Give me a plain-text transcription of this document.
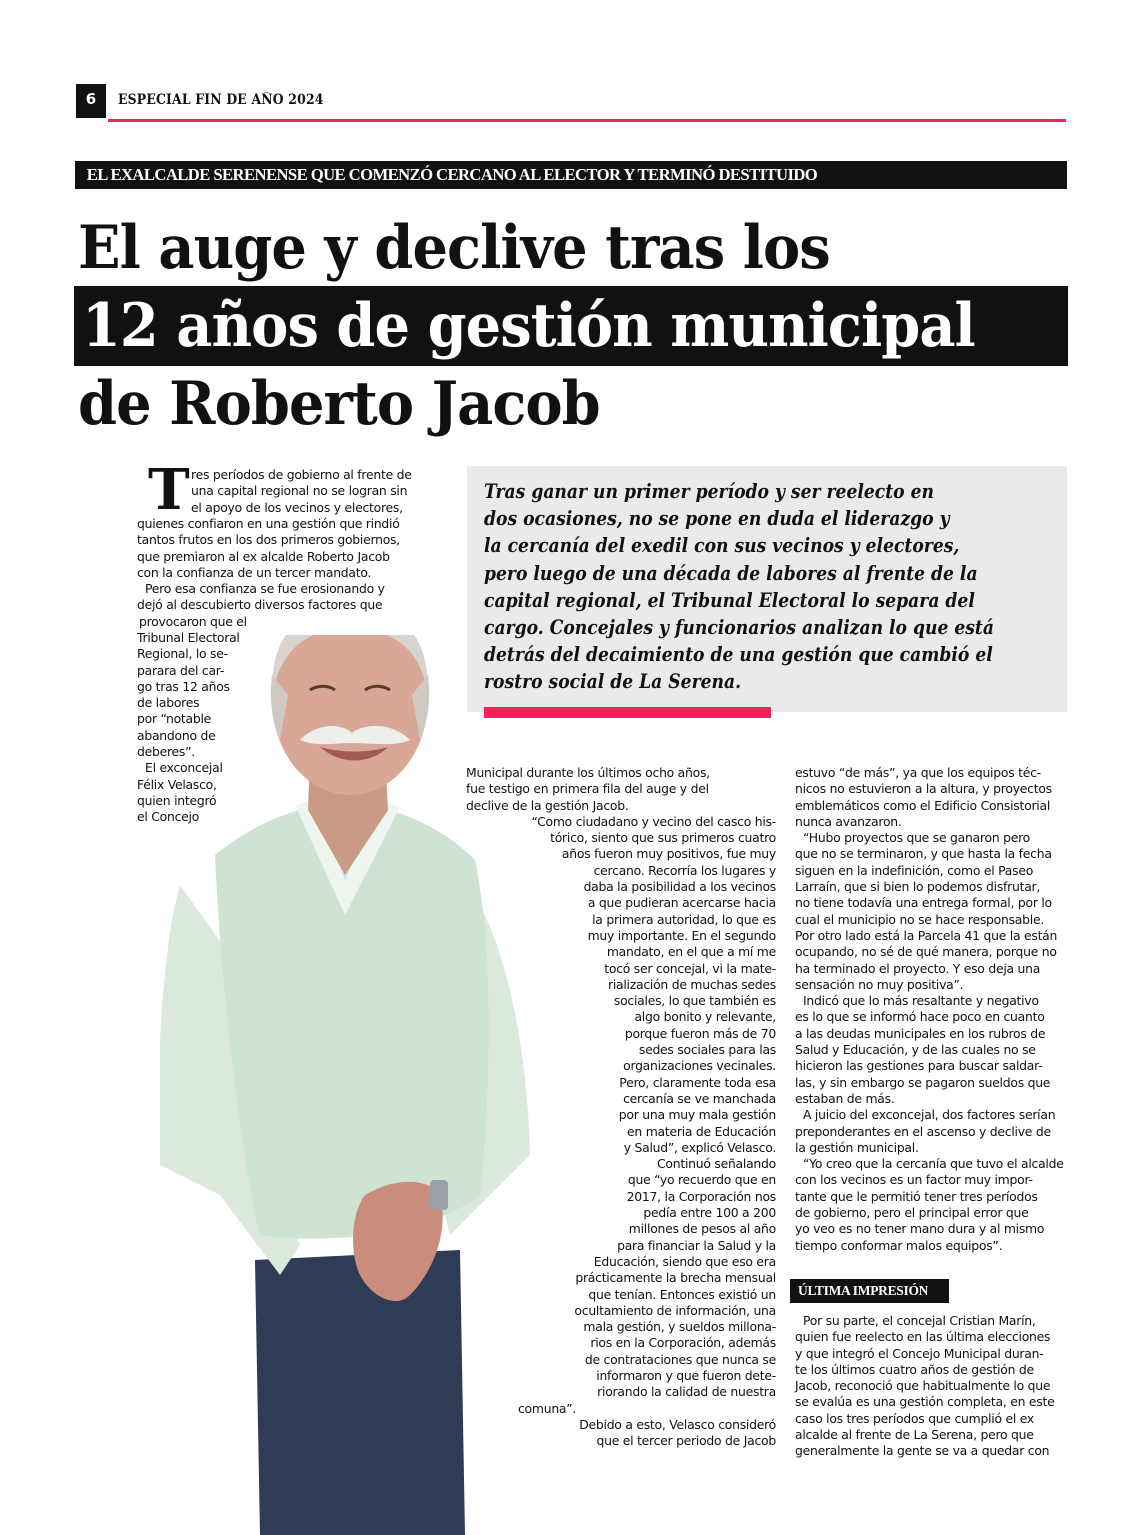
6	ESPECIAL FIN DE AÑO 2024
EL EXALCALDE SERENENSE QUE COMENZÓ CERCANO AL ELECTOR Y TERMINÓ DESTITUIDO
El auge y declive tras los
12 años de gestión municipal
de Roberto Jacob
Tras ganar un primer período y ser reelecto en
dos ocasiones, no se pone en duda el liderazgo y
la cercanía del exedil con sus vecinos y electores,
pero luego de una década de labores al frente de la
capital regional, el Tribunal Electoral lo separa del
cargo. Concejales y funcionarios analizan lo que está
detrás del decaimiento de una gestión que cambió el
rostro social de La Serena.
T res períodos de gobierno al frente de
una capital regional no se logran sin
el apoyo de los vecinos y electores,
quienes confiaron en una gestión que rindió
tantos frutos en los dos primeros gobiernos,
que premiaron al ex alcalde Roberto Jacob
con la confianza de un tercer mandato.
Pero esa confianza se fue erosionando y
dejó al descubierto diversos factores que
provocaron que el
Tribunal Electoral
Regional, lo se-
parara del car-
go tras 12 años
de labores
por “notable
abandono de
deberes”.
El exconcejal
Félix Velasco,
quien integró
el Concejo
Municipal durante los últimos ocho años,
fue testigo en primera fila del auge y del
declive de la gestión Jacob.
“Como ciudadano y vecino del casco his-
tórico, siento que sus primeros cuatro
años fueron muy positivos, fue muy
cercano. Recorría los lugares y
daba la posibilidad a los vecinos
a que pudieran acercarse hacia
la primera autoridad, lo que es
muy importante. En el segundo
mandato, en el que a mí me
tocó ser concejal, vi la mate-
rialización de muchas sedes
sociales, lo que también es
algo bonito y relevante,
porque fueron más de 70
sedes sociales para las
organizaciones vecinales.
Pero, claramente toda esa
cercanía se ve manchada
por una muy mala gestión
en materia de Educación
y Salud”, explicó Velasco.
Continuó señalando
que “yo recuerdo que en
2017, la Corporación nos
pedía entre 100 a 200
millones de pesos al año
para financiar la Salud y la
Educación, siendo que eso era
prácticamente la brecha mensual
que tenían. Entonces existió un
ocultamiento de información, una
mala gestión, y sueldos millona-
rios en la Corporación, además
de contrataciones que nunca se
informaron y que fueron dete-
riorando la calidad de nuestra
comuna”.
Debido a esto, Velasco consideró
que el tercer periodo de Jacob
estuvo “de más”, ya que los equipos téc-
nicos no estuvieron a la altura, y proyectos
emblemáticos como el Edificio Consistorial
nunca avanzaron.
“Hubo proyectos que se ganaron pero
que no se terminaron, y que hasta la fecha
siguen en la indefinición, como el Paseo
Larraín, que si bien lo podemos disfrutar,
no tiene todavía una entrega formal, por lo
cual el municipio no se hace responsable.
Por otro lado está la Parcela 41 que la están
ocupando, no sé de qué manera, porque no
ha terminado el proyecto. Y eso deja una
sensación no muy positiva”.
Indicó que lo más resaltante y negativo
es lo que se informó hace poco en cuanto
a las deudas municipales en los rubros de
Salud y Educación, y de las cuales no se
hicieron las gestiones para buscar saldar-
las, y sin embargo se pagaron sueldos que
estaban de más.
A juicio del exconcejal, dos factores serían
preponderantes en el ascenso y declive de
la gestión municipal.
“Yo creo que la cercanía que tuvo el alcalde
con los vecinos es un factor muy impor-
tante que le permitió tener tres períodos
de gobierno, pero el principal error que
yo veo es no tener mano dura y al mismo
tiempo conformar malos equipos”.
ÚLTIMA IMPRESIÓN
Por su parte, el concejal Cristian Marín,
quien fue reelecto en las última elecciones
y que integró el Concejo Municipal duran-
te los últimos cuatro años de gestión de
Jacob, reconoció que habitualmente lo que
se evalúa es una gestión completa, en este
caso los tres períodos que cumplió el ex
alcalde al frente de La Serena, pero que
generalmente la gente se va a quedar con
